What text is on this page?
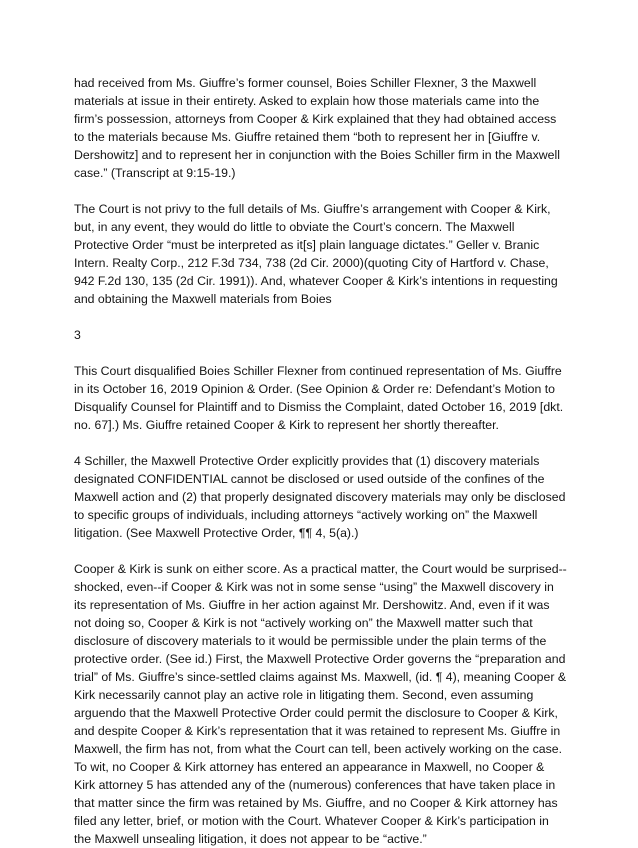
had received from Ms. Giuffre’s former counsel, Boies Schiller Flexner, 3 the Maxwell materials at issue in their entirety. Asked to explain how those materials came into the firm’s possession, attorneys from Cooper & Kirk explained that they had obtained access to the materials because Ms. Giuffre retained them “both to represent her in [Giuffre v. Dershowitz] and to represent her in conjunction with the Boies Schiller firm in the Maxwell case.” (Transcript at 9:15-19.)

The Court is not privy to the full details of Ms. Giuffre’s arrangement with Cooper & Kirk, but, in any event, they would do little to obviate the Court’s concern. The Maxwell Protective Order “must be interpreted as it[s] plain language dictates.” Geller v. Branic Intern. Realty Corp., 212 F.3d 734, 738 (2d Cir. 2000)(quoting City of Hartford v. Chase, 942 F.2d 130, 135 (2d Cir. 1991)). And, whatever Cooper & Kirk’s intentions in requesting and obtaining the Maxwell materials from Boies

3

This Court disqualified Boies Schiller Flexner from continued representation of Ms. Giuffre in its October 16, 2019 Opinion & Order. (See Opinion & Order re: Defendant’s Motion to Disqualify Counsel for Plaintiff and to Dismiss the Complaint, dated October 16, 2019 [dkt. no. 67].) Ms. Giuffre retained Cooper & Kirk to represent her shortly thereafter.

4 Schiller, the Maxwell Protective Order explicitly provides that (1) discovery materials designated CONFIDENTIAL cannot be disclosed or used outside of the confines of the Maxwell action and (2) that properly designated discovery materials may only be disclosed to specific groups of individuals, including attorneys “actively working on” the Maxwell litigation. (See Maxwell Protective Order, ¶¶ 4, 5(a).)

Cooper & Kirk is sunk on either score. As a practical matter, the Court would be surprised--shocked, even--if Cooper & Kirk was not in some sense “using” the Maxwell discovery in its representation of Ms. Giuffre in her action against Mr. Dershowitz. And, even if it was not doing so, Cooper & Kirk is not “actively working on” the Maxwell matter such that disclosure of discovery materials to it would be permissible under the plain terms of the protective order. (See id.) First, the Maxwell Protective Order governs the “preparation and trial” of Ms. Giuffre’s since-settled claims against Ms. Maxwell, (id. ¶ 4), meaning Cooper & Kirk necessarily cannot play an active role in litigating them. Second, even assuming arguendo that the Maxwell Protective Order could permit the disclosure to Cooper & Kirk, and despite Cooper & Kirk’s representation that it was retained to represent Ms. Giuffre in Maxwell, the firm has not, from what the Court can tell, been actively working on the case. To wit, no Cooper & Kirk attorney has entered an appearance in Maxwell, no Cooper & Kirk attorney 5 has attended any of the (numerous) conferences that have taken place in that matter since the firm was retained by Ms. Giuffre, and no Cooper & Kirk attorney has filed any letter, brief, or motion with the Court. Whatever Cooper & Kirk’s participation in the Maxwell unsealing litigation, it does not appear to be “active.”
